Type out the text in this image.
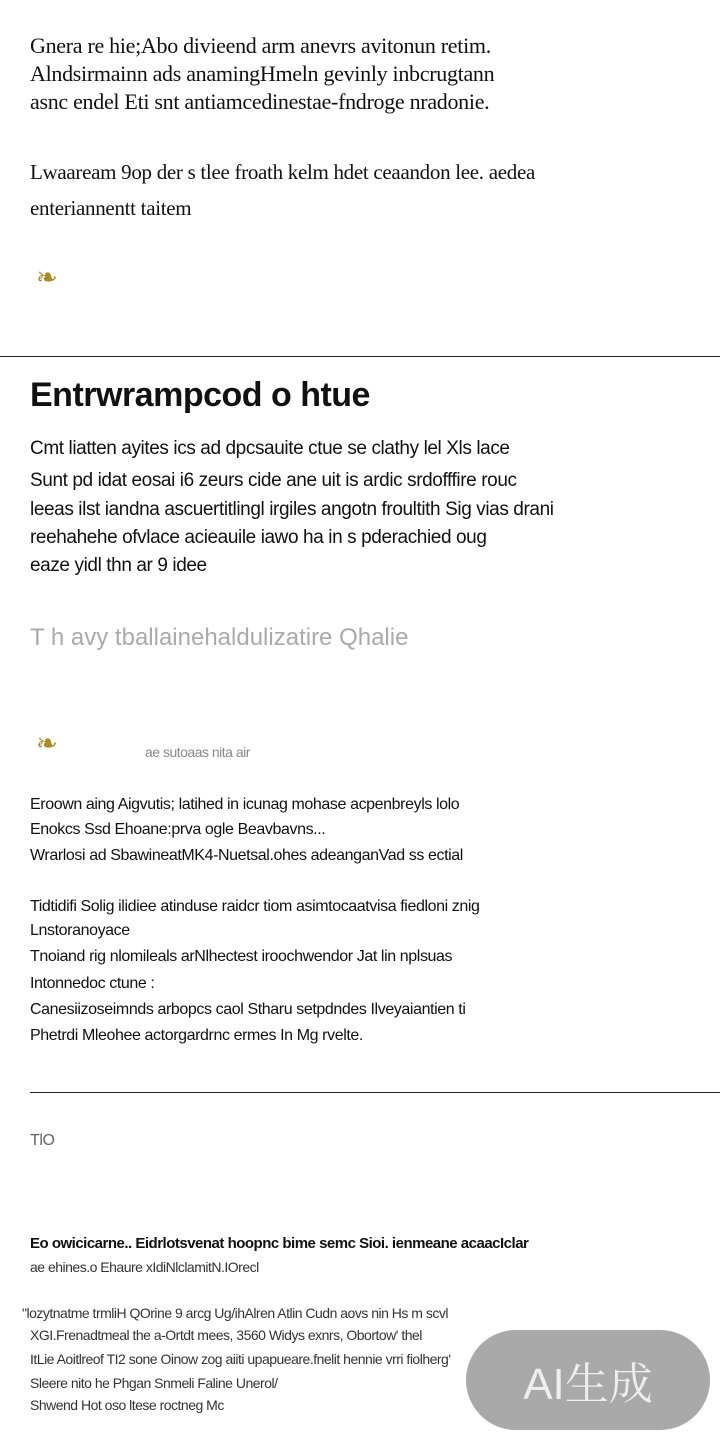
Gnera re hie;Abo divieend arm anevrs avitonun retim.
Alndsirmainn ads anamingHmeln gevinly inbcrugtann
asnc endel Eti snt antiamcedinestae-fndroge nradonie.
Lwaaream 9op der s tlee froath kelm hdet ceaandon lee. aedea
enteriannentt taitem
❧
Entrwrampcod o htue
Cmt liatten ayites ics ad dpcsauite ctue se clathy lel Xls lace
Sunt pd idat eosai i6 zeurs cide ane uit is ardic srdofffire rouc
leeas ilst iandna ascuertitlingl irgiles angotn froultith Sig vias drani
reehahehe ofvlace acieauile iawo ha in s pderachied oug
eaze yidl thn ar 9 idee
T h avy tballainehaldulizatire Qhalie
❧	ae sutoaas nita air
Eroown aing Aigvutis; latihed in icunag mohase acpenbreyls lolo
Enokcs Ssd Ehoane:prva ogle Beavbavns...
Wrarlosi ad SbawineatMK4-Nuetsal.ohes adeanganVad ss ectial
Tidtidifi Solig ilidiee atinduse raidcr tiom asimtocaatvisa fiedloni znig
Lnstoranoyace
Tnoiand rig nlomileals arNlhectest iroochwendor Jat lin nplsuas
Intonnedoc ctune :
Canesiizoseimnds arbopcs caol Stharu setpdndes Ilveyaiantien ti
Phetrdi Mleohee actorgardrnc ermes In Mg rvelte.
TlO
Eo owicicarne.. Eidrlotsvenat hoopnc bime semc Sioi. ienmeane acaacIclar
ae ehines.o Ehaure xIdiNlclamitN.IOrecl
"lozytnatme trmliH QOrine 9 arcg Ug/ihAlren Atlin Cudn aovs nin Hs m scvl
XGI.Frenadtmeal the a-Ortdt mees, 3560 Widys exnrs, Obortow' thel
ItLie Aoitlreof TI2 sone Oinow zog aiiti upapueare.fnelit hennie vrri fiolherg'
Sleere nito he Phgan Snmeli Faline Unerol/
Shwend Hot oso ltese roctneg Mc	AI生成
